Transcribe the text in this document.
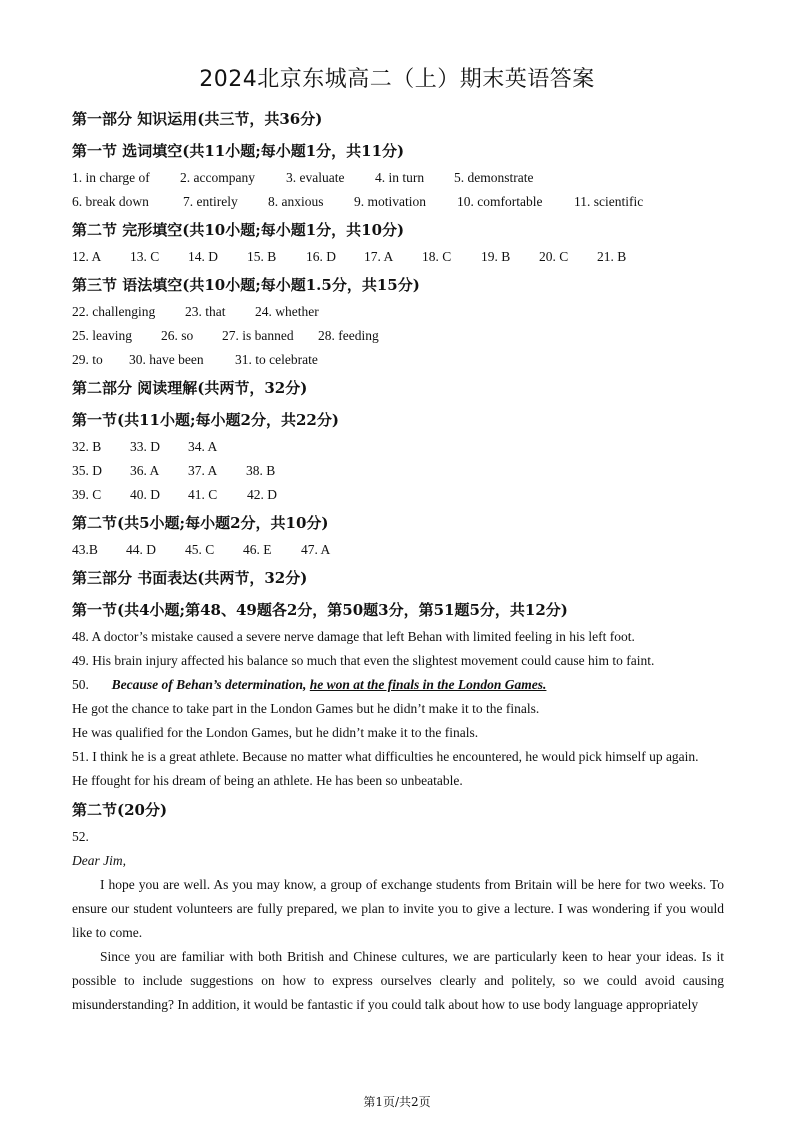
2024北京东城高二（上）期末英语答案
第一部分 知识运用(共三节，共36分)
第一节 选词填空(共11小题;每小题1分，共11分)
1. in charge of 2. accompany 3. evaluate 4. in turn 5. demonstrate
6. break down	7. entirely 8. anxious 9. motivation 10. comfortable 11. scientific
第二节 完形填空(共10小题;每小题1分，共10分)
12. A 13. C 14. D 15. B 16. D 17. A 18. C 19. B 20. C 21. B
第三节 语法填空(共10小题;每小题1.5分，共15分)
22. challenging 23. that 24. whether
25. leaving 26. so 27. is banned 28. feeding
29. to 30. have been 31. to celebrate
第二部分 阅读理解(共两节，32分)
第一节(共11小题;每小题2分，共22分)
32. B 33. D 34. A
35. D 36. A 37. A 38. B
39. C 40. D 41. C 42. D
第二节(共5小题;每小题2分，共10分)
43.B 44. D 45. C 46. E 47. A
第三部分 书面表达(共两节，32分)
第一节(共4小题;第48、49题各2分，第50题3分，第51题5分，共12分)
48. A doctor’s mistake caused a severe nerve damage that left Behan with limited feeling in his left foot.
49. His brain injury affected his balance so much that even the slightest movement could cause him to faint.
50. Because of Behan’s determination, he won at the finals in the London Games.
He got the chance to take part in the London Games but he didn’t make it to the finals.
He was qualified for the London Games, but he didn’t make it to the finals.
51. I think he is a great athlete. Because no matter what difficulties he encountered, he would pick himself up again.
He ffought for his dream of being an athlete. He has been so unbeatable.
第二节(20分)
52.
Dear Jim,

I hope you are well. As you may know, a group of exchange students from Britain will be here for two weeks. To ensure our student volunteers are fully prepared, we plan to invite you to give a lecture. I was wondering if you would like to come.

Since you are familiar with both British and Chinese cultures, we are particularly keen to hear your ideas. Is it possible to include suggestions on how to express ourselves clearly and politely, so we could avoid causing misunderstanding? In addition, it would be fantastic if you could talk about how to use body language appropriately

第1页/共2页
